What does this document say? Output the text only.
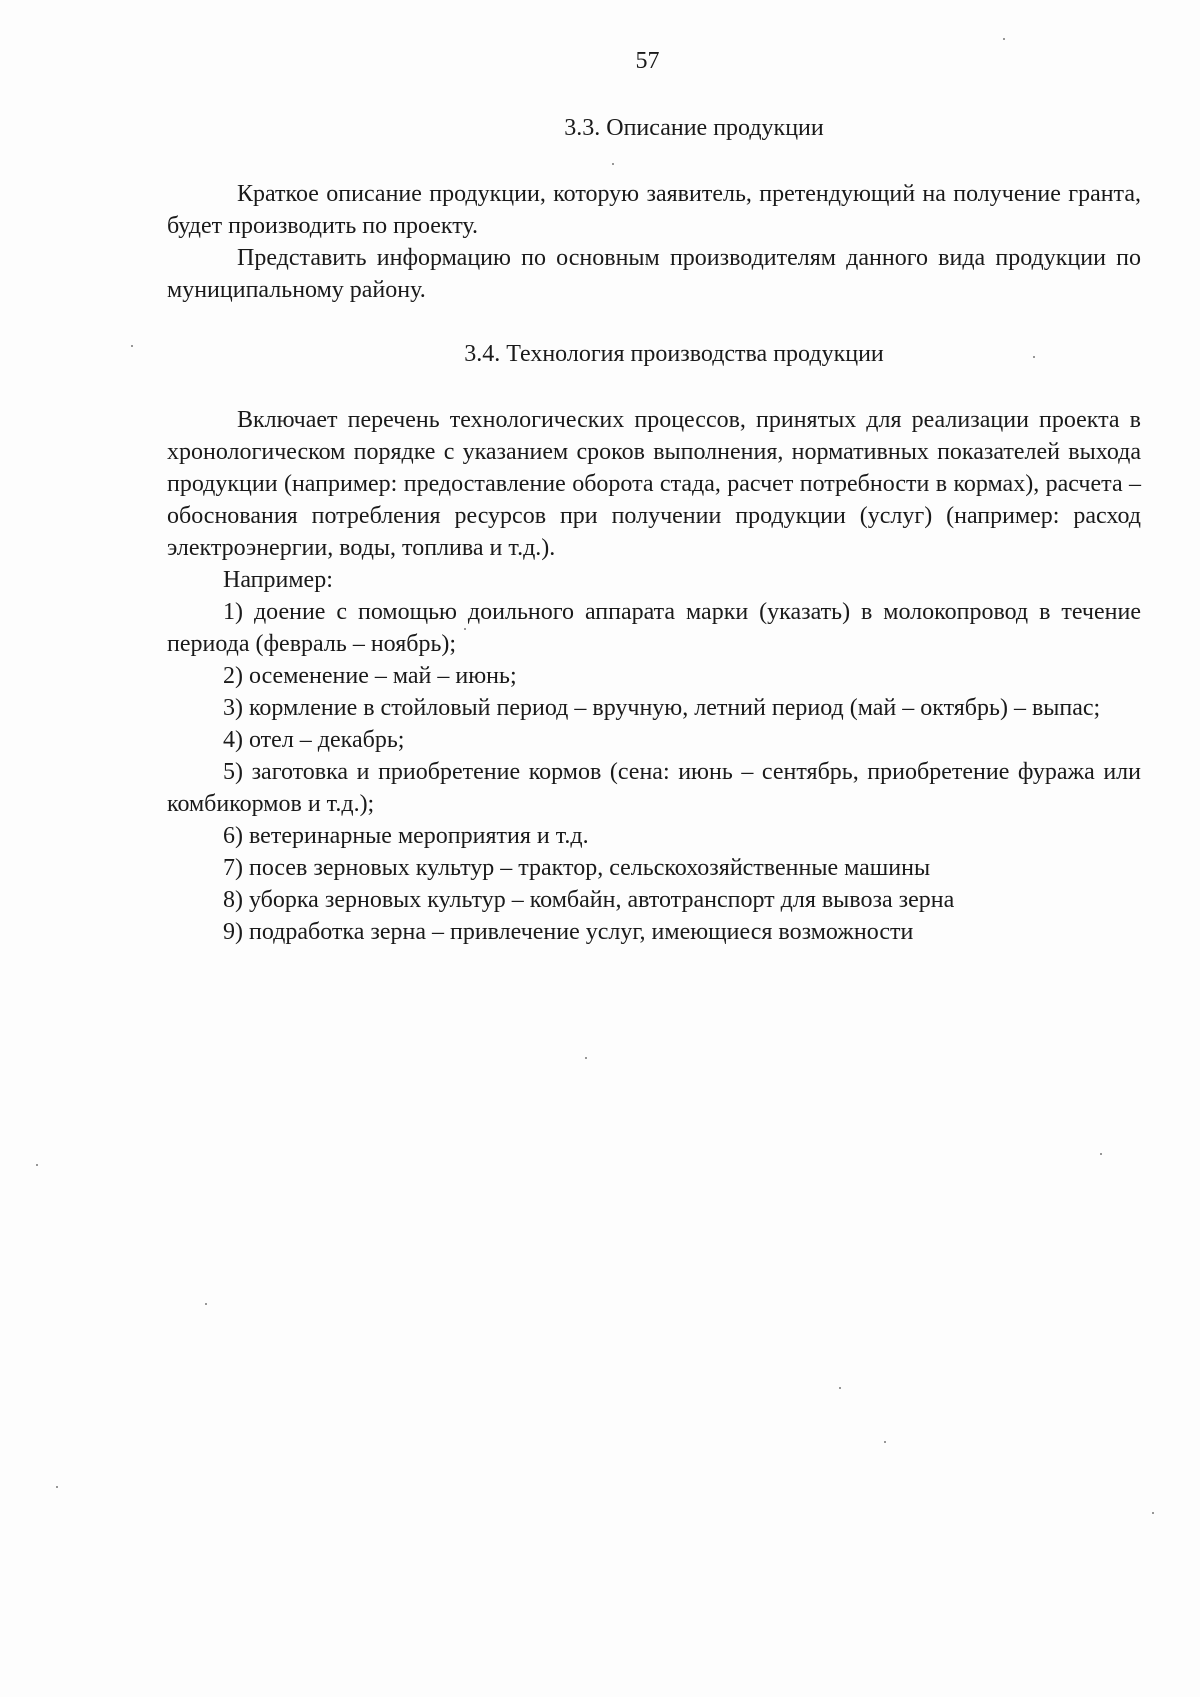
57
3.3. Описание продукции

Краткое описание продукции, которую заявитель, претендующий на получение гранта, будет производить по проекту.

Представить информацию по основным производителям данного вида продукции по муниципальному району.

3.4. Технология производства продукции

Включает перечень технологических процессов, принятых для реализации проекта в хронологическом порядке с указанием сроков выполнения, нормативных показателей выхода продукции (например: предоставление оборота стада, расчет потребности в кормах), расчета – обоснования потребления ресурсов при получении продукции (услуг) (например: расход электроэнергии, воды, топлива и т.д.).

Например:

1) доение с помощью доильного аппарата марки (указать) в молокопровод в течение периода (февраль – ноябрь);

2) осеменение – май – июнь;

3) кормление в стойловый период – вручную, летний период (май – октябрь) – выпас;

4) отел – декабрь;

5) заготовка и приобретение кормов (сена: июнь – сентябрь, приобретение фуража или комбикормов и т.д.);

6) ветеринарные мероприятия и т.д.

7) посев зерновых культур – трактор, сельскохозяйственные машины

8) уборка зерновых культур – комбайн, автотранспорт для вывоза зерна

9) подработка зерна – привлечение услуг, имеющиеся возможности
